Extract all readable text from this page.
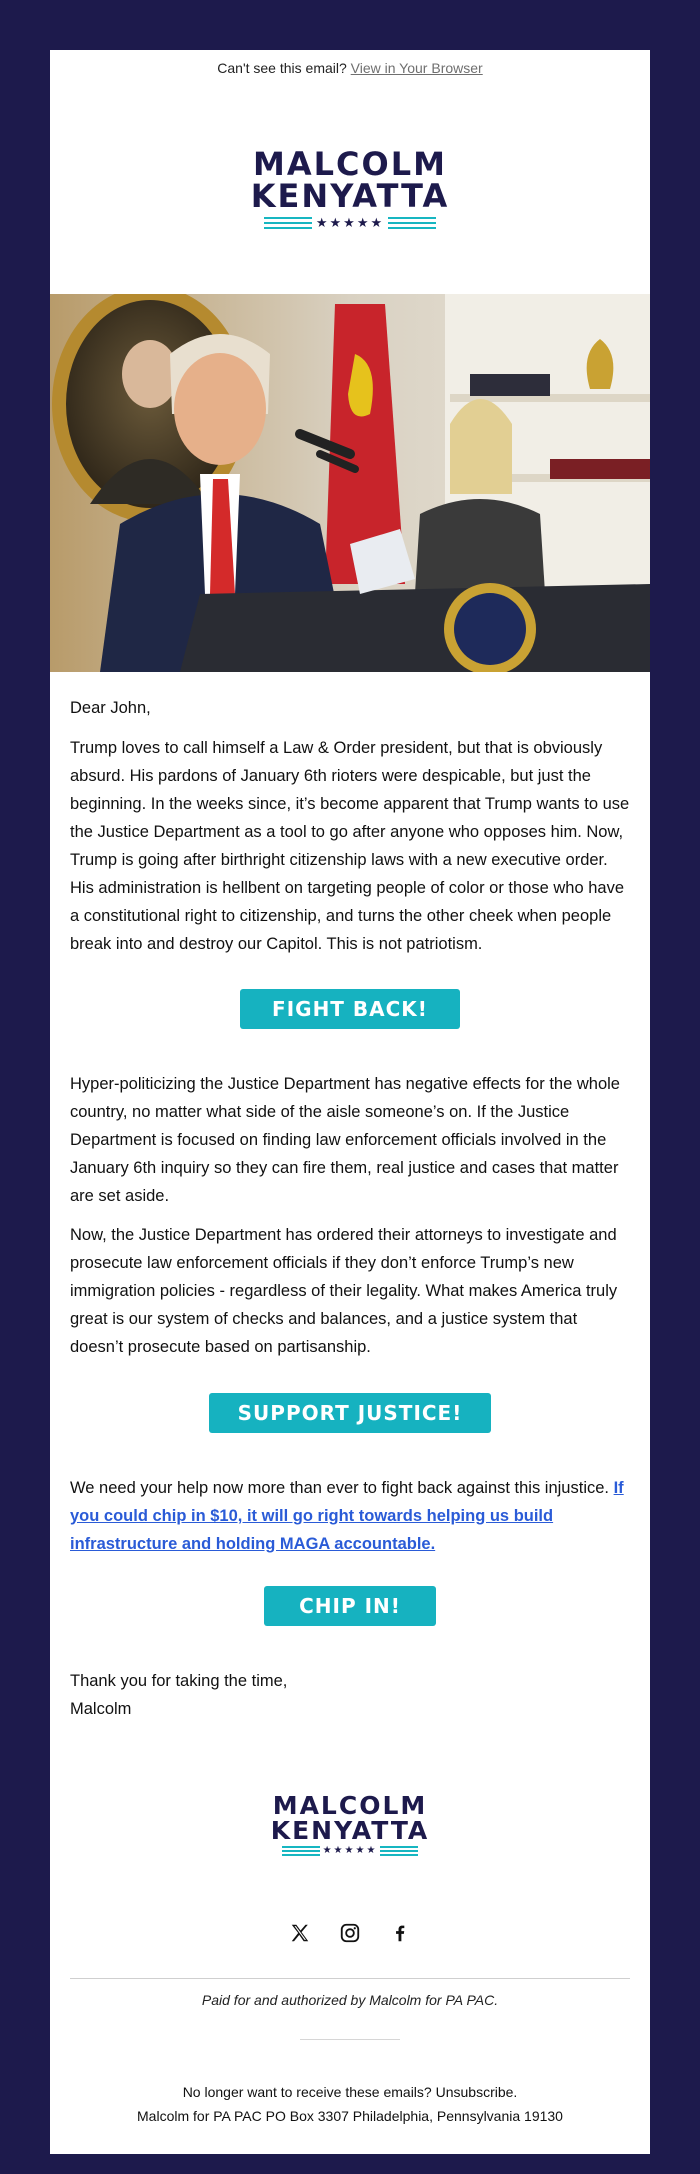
Can't see this email? View in Your Browser
MALCOLM
KENYATTA
★★★★★
Dear John,
Trump loves to call himself a Law & Order president, but that is obviously absurd. His pardons of January 6th rioters were despicable, but just the beginning. In the weeks since, it’s become apparent that Trump wants to use the Justice Department as a tool to go after anyone who opposes him. Now, Trump is going after birthright citizenship laws with a new executive order. His administration is hellbent on targeting people of color or those who have a constitutional right to citizenship, and turns the other cheek when people break into and destroy our Capitol. This is not patriotism.
FIGHT BACK!
Hyper-politicizing the Justice Department has negative effects for the whole country, no matter what side of the aisle someone’s on. If the Justice Department is focused on finding law enforcement officials involved in the January 6th inquiry so they can fire them, real justice and cases that matter are set aside.
Now, the Justice Department has ordered their attorneys to investigate and prosecute law enforcement officials if they don’t enforce Trump’s new immigration policies - regardless of their legality. What makes America truly great is our system of checks and balances, and a justice system that doesn’t prosecute based on partisanship.
SUPPORT JUSTICE!
We need your help now more than ever to fight back against this injustice. If you could chip in $10, it will go right towards helping us build infrastructure and holding MAGA accountable.
CHIP IN!
Thank you for taking the time,
Malcolm
MALCOLM
KENYATTA
★★★★★
Paid for and authorized by Malcolm for PA PAC.
No longer want to receive these emails? Unsubscribe.
Malcolm for PA PAC PO Box 3307 Philadelphia, Pennsylvania 19130
